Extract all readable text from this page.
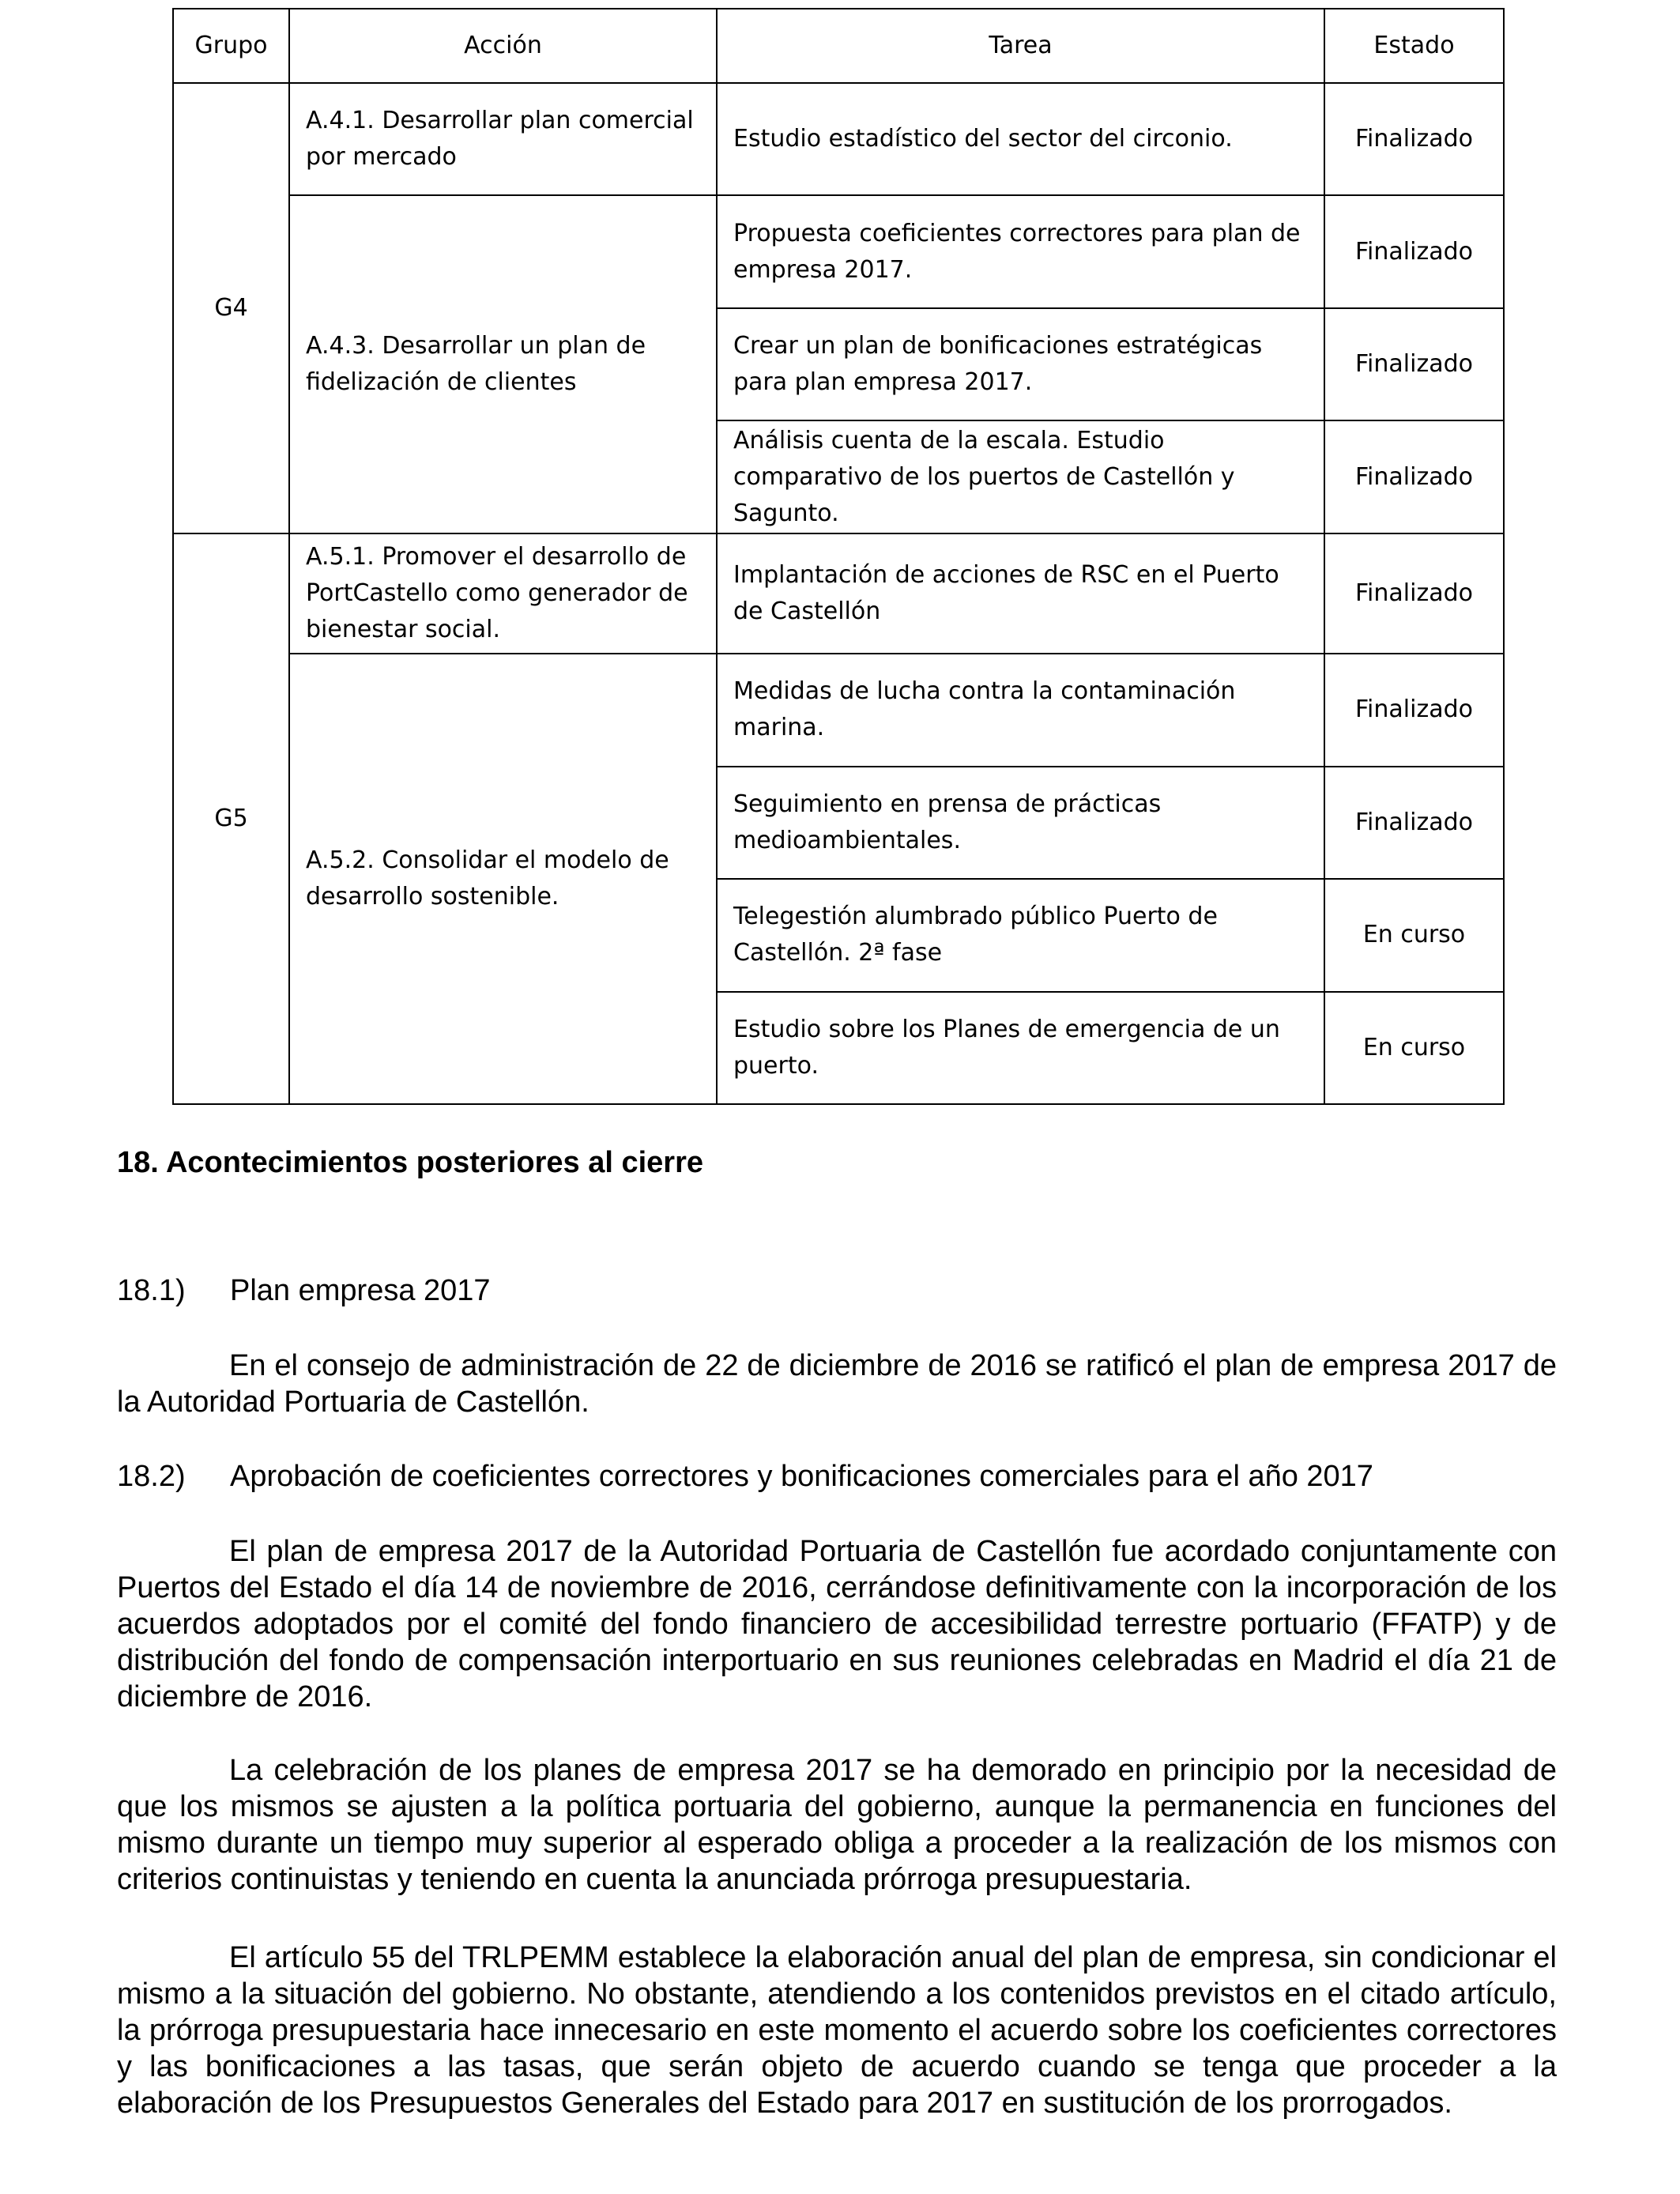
Grupo	Acción	Tarea	Estado
G4	A.4.1. Desarrollar plan comercial por mercado	Estudio estadístico del sector del circonio.	Finalizado
	A.4.3. Desarrollar un plan de fidelización de clientes	Propuesta coeficientes correctores para plan de empresa 2017.	Finalizado
		Crear un plan de bonificaciones estratégicas para plan empresa 2017.	Finalizado
		Análisis cuenta de la escala. Estudio comparativo de los puertos de Castellón y Sagunto.	Finalizado
G5	A.5.1. Promover el desarrollo de PortCastello como generador de bienestar social.	Implantación de acciones de RSC en el Puerto de Castellón	Finalizado
	A.5.2. Consolidar el modelo de desarrollo sostenible.	Medidas de lucha contra la contaminación marina.	Finalizado
		Seguimiento en prensa de prácticas medioambientales.	Finalizado
		Telegestión alumbrado público Puerto de Castellón. 2ª fase	En curso
		Estudio sobre los Planes de emergencia de un puerto.	En curso
18. Acontecimientos posteriores al cierre
18.1) Plan empresa 2017
En el consejo de administración de 22 de diciembre de 2016 se ratificó el plan de empresa 2017 de la Autoridad Portuaria de Castellón.
18.2) Aprobación de coeficientes correctores y bonificaciones comerciales para el año 2017
El plan de empresa 2017 de la Autoridad Portuaria de Castellón fue acordado conjuntamente con Puertos del Estado el día 14 de noviembre de 2016, cerrándose definitivamente con la incorporación de los acuerdos adoptados por el comité del fondo financiero de accesibilidad terrestre portuario (FFATP) y de distribución del fondo de compensación interportuario en sus reuniones celebradas en Madrid el día 21 de diciembre de 2016.
La celebración de los planes de empresa 2017 se ha demorado en principio por la necesidad de que los mismos se ajusten a la política portuaria del gobierno, aunque la permanencia en funciones del mismo durante un tiempo muy superior al esperado obliga a proceder a la realización de los mismos con criterios continuistas y teniendo en cuenta la anunciada prórroga presupuestaria.
El artículo 55 del TRLPEMM establece la elaboración anual del plan de empresa, sin condicionar el mismo a la situación del gobierno. No obstante, atendiendo a los contenidos previstos en el citado artículo, la prórroga presupuestaria hace innecesario en este momento el acuerdo sobre los coeficientes correctores y las bonificaciones a las tasas, que serán objeto de acuerdo cuando se tenga que proceder a la elaboración de los Presupuestos Generales del Estado para 2017 en sustitución de los prorrogados.
